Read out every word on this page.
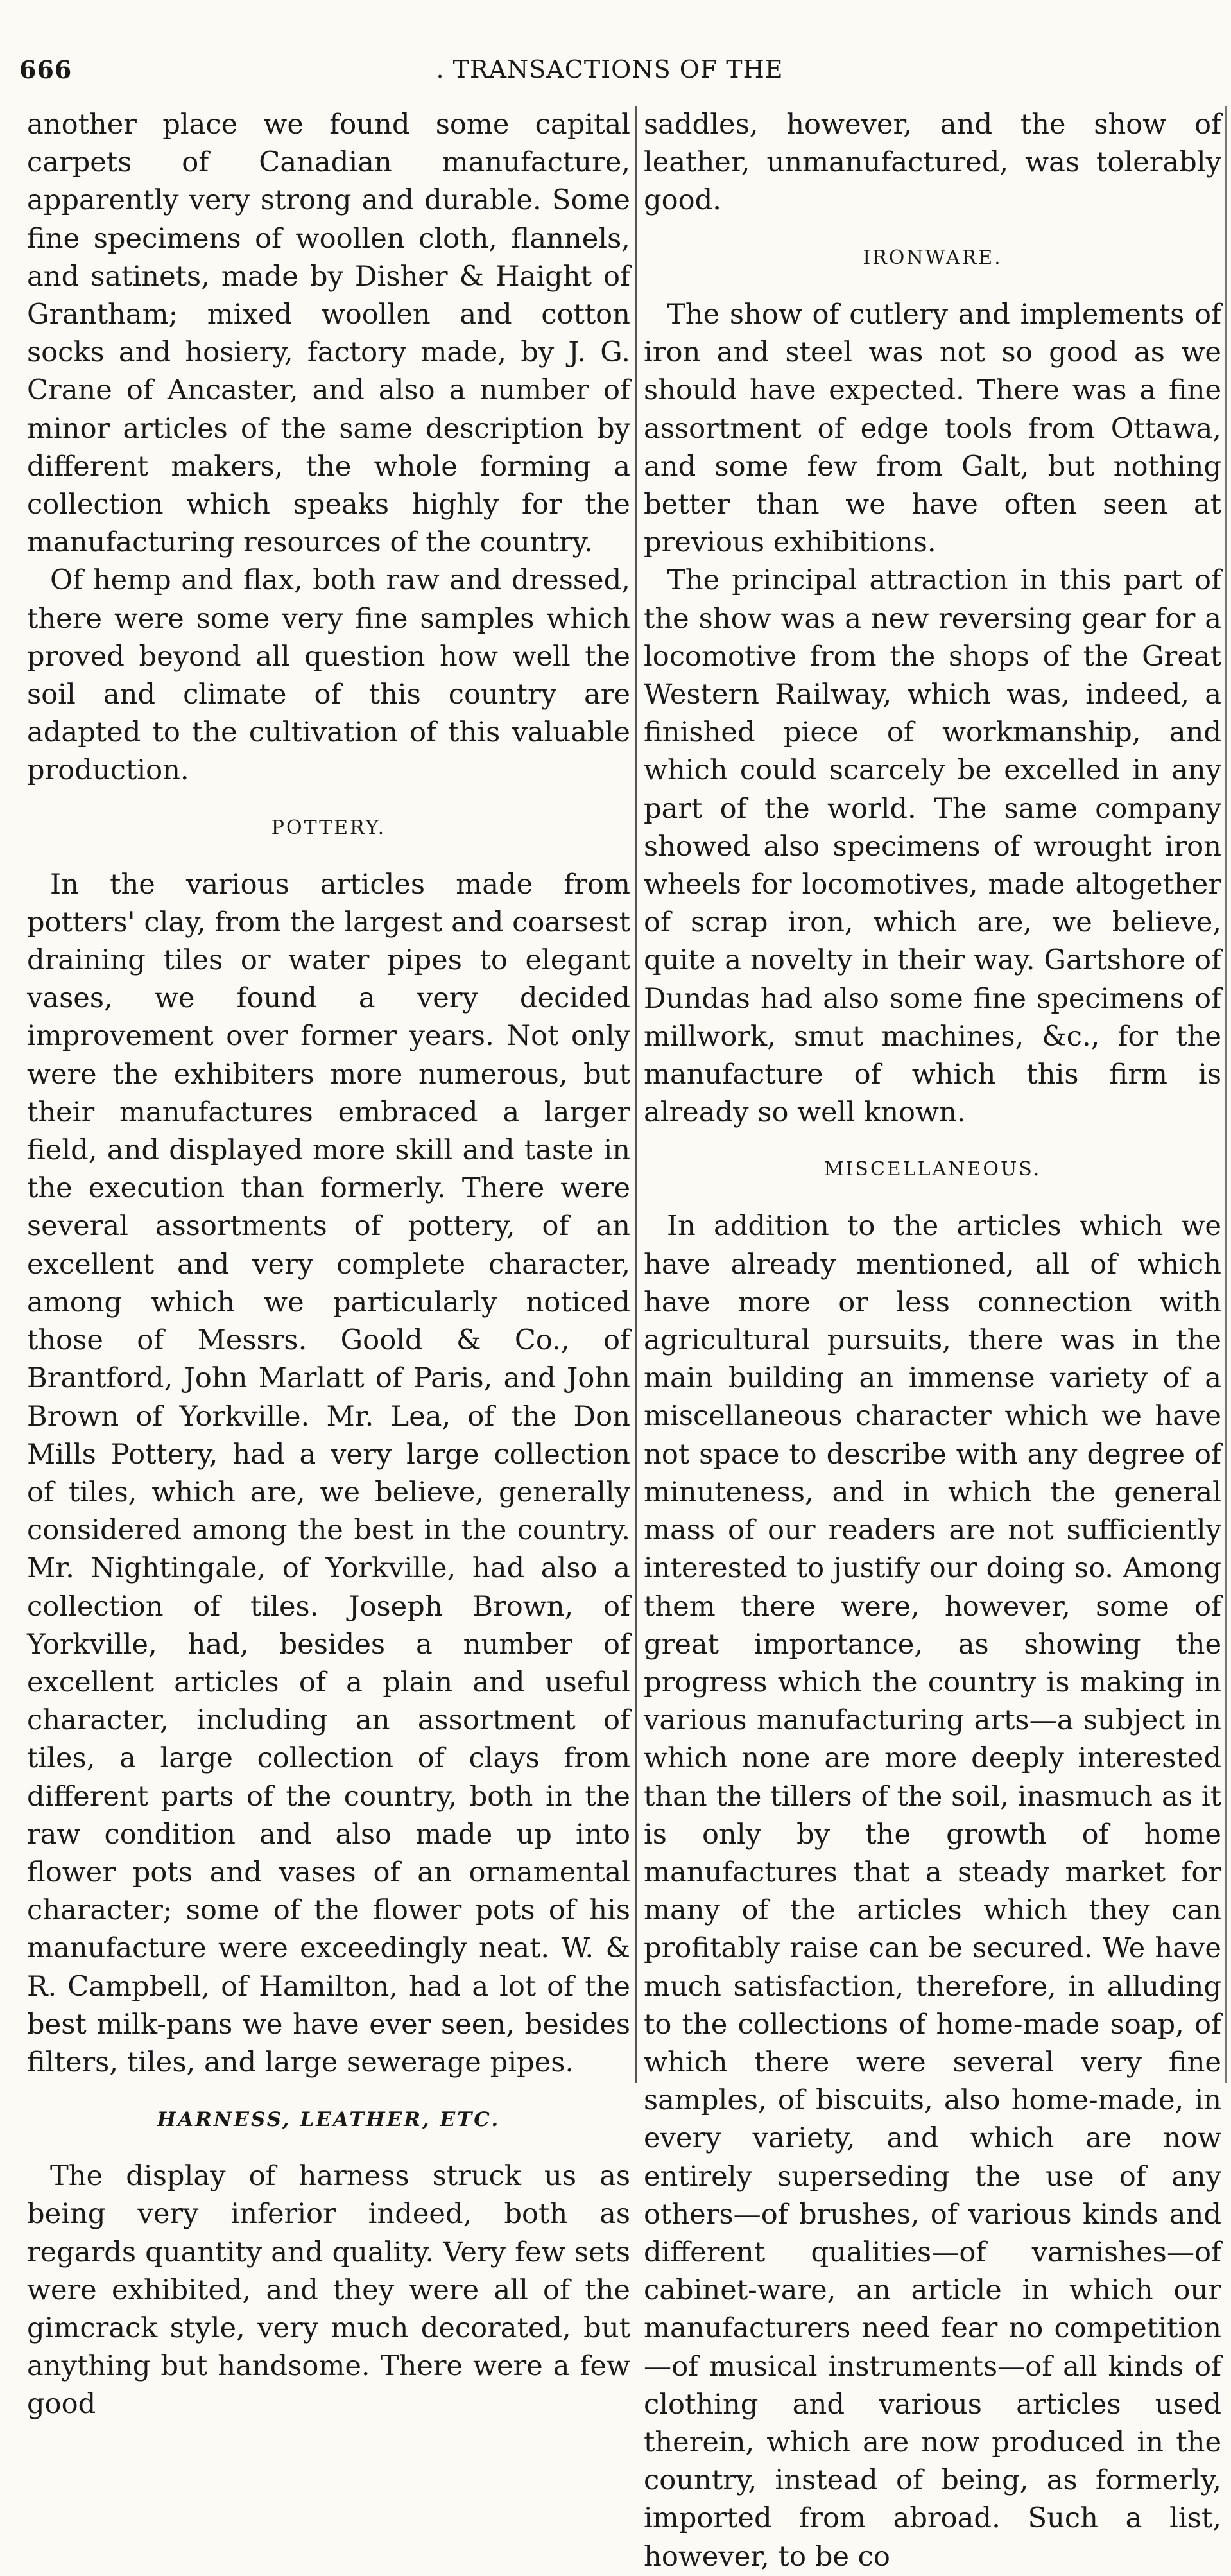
666	. TRANSACTIONS OF THE

another place we found some capital carpets of Canadian manufacture, apparently very strong and durable. Some fine specimens of woollen cloth, flannels, and satinets, made by Disher & Haight of Grantham; mixed woollen and cotton socks and hosiery, factory made, by J. G. Crane of Ancaster, and also a number of minor articles of the same description by different makers, the whole forming a collection which speaks highly for the manufacturing resources of the country.

Of hemp and flax, both raw and dressed, there were some very fine samples which proved beyond all question how well the soil and climate of this country are adapted to the cultivation of this valuable production.

POTTERY.

In the various articles made from potters' clay, from the largest and coarsest draining tiles or water pipes to elegant vases, we found a very decided improvement over former years. Not only were the exhibiters more numerous, but their manufactures embraced a larger field, and displayed more skill and taste in the execution than formerly. There were several assortments of pottery, of an excellent and very complete character, among which we particularly noticed those of Messrs. Goold & Co., of Brantford, John Marlatt of Paris, and John Brown of Yorkville. Mr. Lea, of the Don Mills Pottery, had a very large collection of tiles, which are, we believe, generally considered among the best in the country. Mr. Nightingale, of Yorkville, had also a collection of tiles. Joseph Brown, of Yorkville, had, besides a number of excellent articles of a plain and useful character, including an assortment of tiles, a large collection of clays from different parts of the country, both in the raw condition and also made up into flower pots and vases of an ornamental character; some of the flower pots of his manufacture were exceedingly neat. W. & R. Campbell, of Hamilton, had a lot of the best milk-pans we have ever seen, besides filters, tiles, and large sewerage pipes.

HARNESS, LEATHER, ETC.

The display of harness struck us as being very inferior indeed, both as regards quantity and quality. Very few sets were exhibited, and they were all of the gimcrack style, very much decorated, but anything but handsome. There were a few good

saddles, however, and the show of leather, unmanufactured, was tolerably good.

IRONWARE.

The show of cutlery and implements of iron and steel was not so good as we should have expected. There was a fine assortment of edge tools from Ottawa, and some few from Galt, but nothing better than we have often seen at previous exhibitions.

The principal attraction in this part of the show was a new reversing gear for a locomotive from the shops of the Great Western Railway, which was, indeed, a finished piece of workmanship, and which could scarcely be excelled in any part of the world. The same company showed also specimens of wrought iron wheels for locomotives, made altogether of scrap iron, which are, we believe, quite a novelty in their way. Gartshore of Dundas had also some fine specimens of millwork, smut machines, &c., for the manufacture of which this firm is already so well known.

MISCELLANEOUS.

In addition to the articles which we have already mentioned, all of which have more or less connection with agricultural pursuits, there was in the main building an immense variety of a miscellaneous character which we have not space to describe with any degree of minuteness, and in which the general mass of our readers are not sufficiently interested to justify our doing so. Among them there were, however, some of great importance, as showing the progress which the country is making in various manufacturing arts—a subject in which none are more deeply interested than the tillers of the soil, inasmuch as it is only by the growth of home manufactures that a steady market for many of the articles which they can profitably raise can be secured. We have much satisfaction, therefore, in alluding to the collections of home-made soap, of which there were several very fine samples, of biscuits, also home-made, in every variety, and which are now entirely superseding the use of any others—of brushes, of various kinds and different qualities—of varnishes—of cabinet-ware, an article in which our manufacturers need fear no competition—of musical instruments—of all kinds of clothing and various articles used therein, which are now produced in the country, instead of being, as formerly, imported from abroad. Such a list, however, to be co
